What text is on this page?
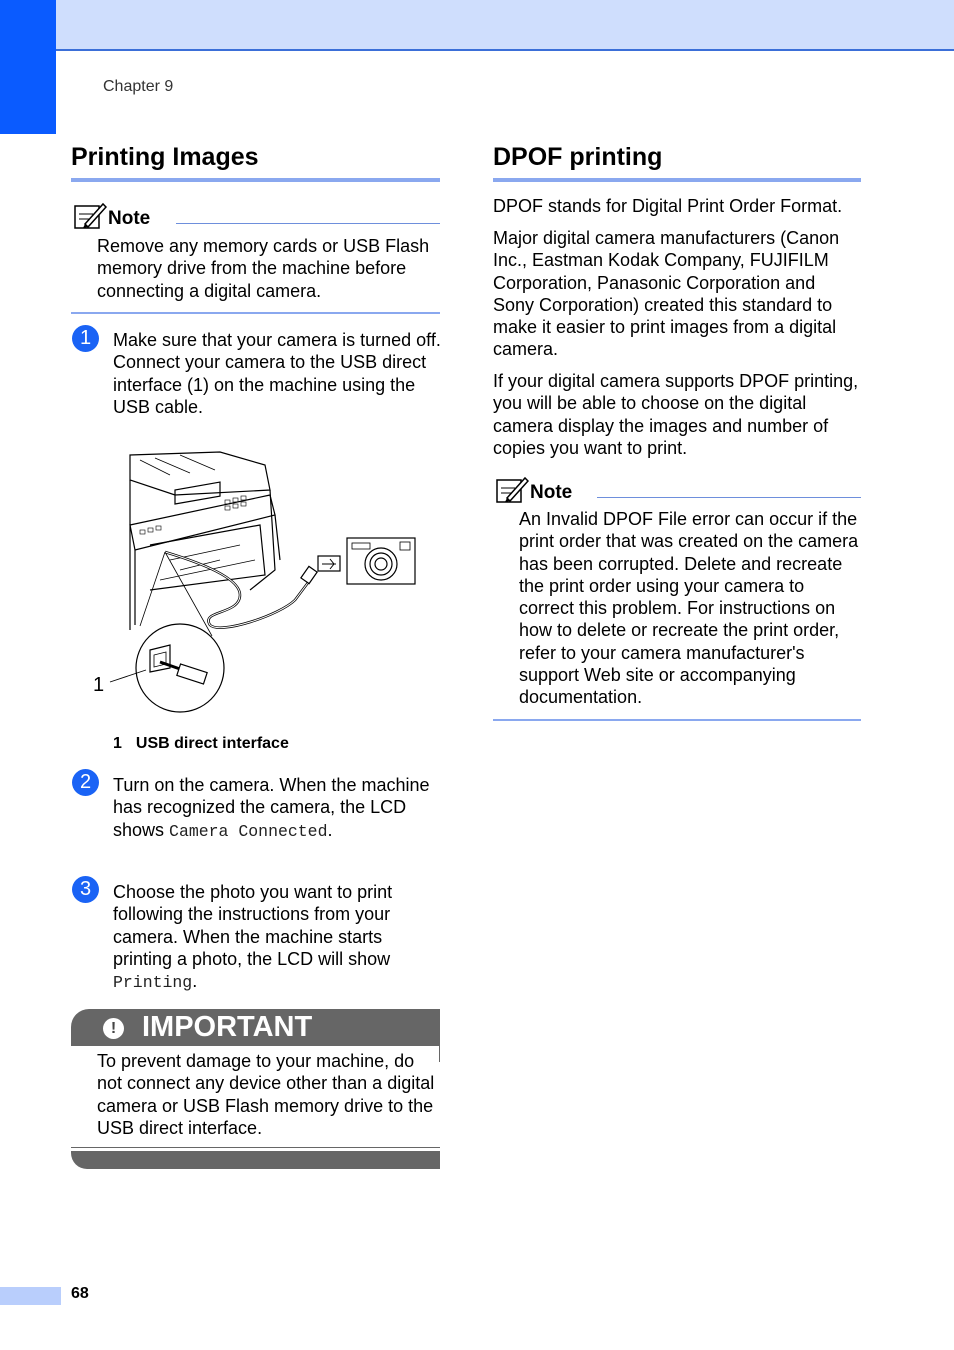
Chapter 9
Printing Images
Note
Remove any memory cards or USB Flash memory drive from the machine before connecting a digital camera.
1	Make sure that your camera is turned off. Connect your camera to the USB direct interface (1) on the machine using the USB cable.
1
1 USB direct interface
2	Turn on the camera. When the machine has recognized the camera, the LCD shows Camera Connected.
3	Choose the photo you want to print following the instructions from your camera. When the machine starts printing a photo, the LCD will show Printing.
! IMPORTANT
To prevent damage to your machine, do not connect any device other than a digital camera or USB Flash memory drive to the USB direct interface.
DPOF printing
DPOF stands for Digital Print Order Format.
Major digital camera manufacturers (Canon Inc., Eastman Kodak Company, FUJIFILM Corporation, Panasonic Corporation and Sony Corporation) created this standard to make it easier to print images from a digital camera.
If your digital camera supports DPOF printing, you will be able to choose on the digital camera display the images and number of copies you want to print.
Note
An Invalid DPOF File error can occur if the print order that was created on the camera has been corrupted. Delete and recreate the print order using your camera to correct this problem. For instructions on how to delete or recreate the print order, refer to your camera manufacturer's support Web site or accompanying documentation.
68
